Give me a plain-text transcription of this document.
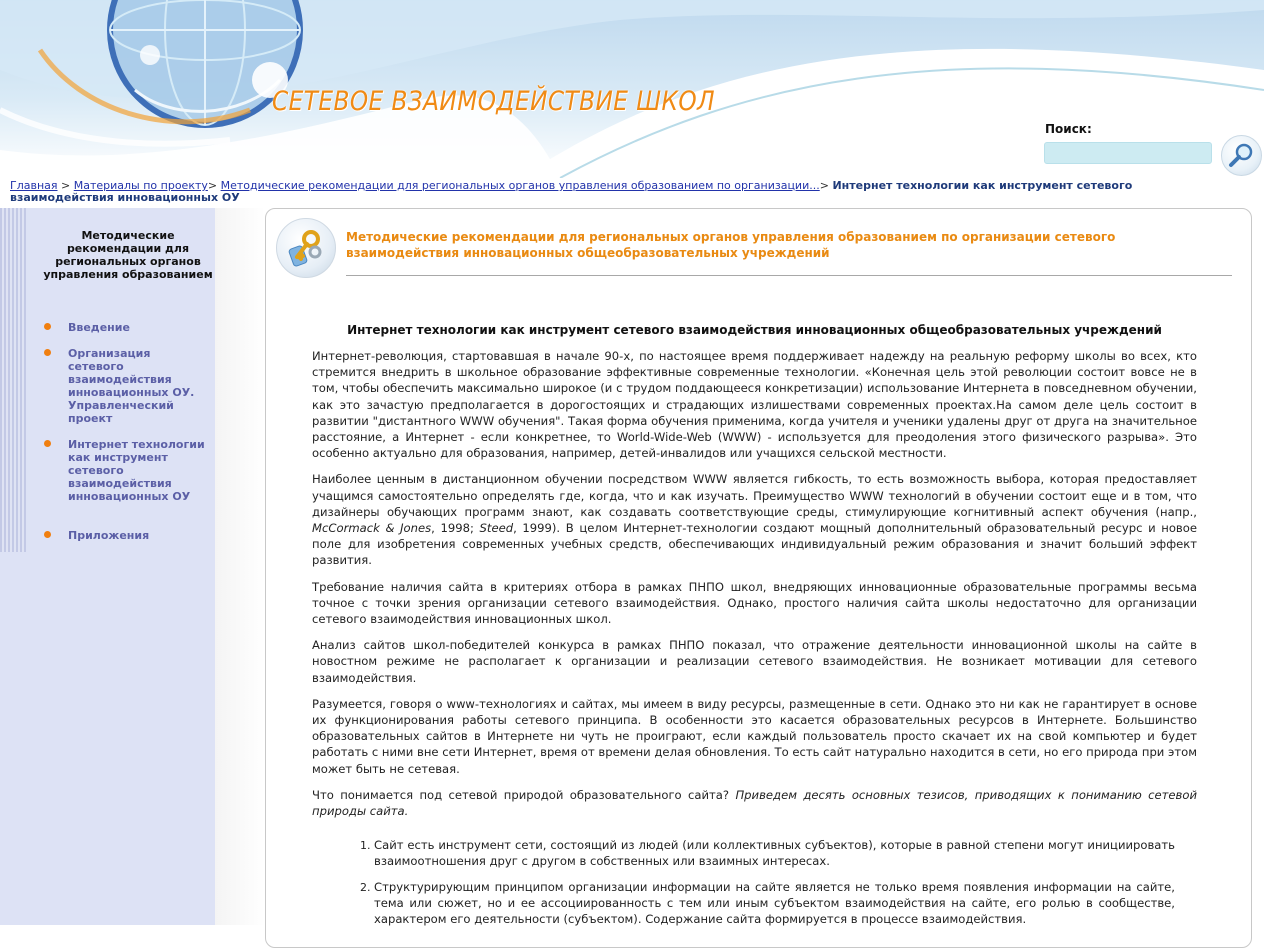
СЕТЕВОЕ ВЗАИМОДЕЙСТВИЕ ШКОЛ
Поиск:
Главная > Материалы по проекту> Методические рекомендации для региональных органов управления образованием по организации...> Интернет технологии как инструмент сетевого взаимодействия инновационных ОУ
Методические рекомендации для региональных органов управления образованием
Введение
Организация сетевого взаимодействия инновационных ОУ. Управленческий проект
Интернет технологии как инструмент сетевого взаимодействия инновационных ОУ
Приложения
Методические рекомендации для региональных органов управления образованием по организации сетевого взаимодействия инновационных общеобразовательных учреждений
Интернет технологии как инструмент сетевого взаимодействия инновационных общеобразовательных учреждений

Интернет-революция, стартовавшая в начале 90-х, по настоящее время поддерживает надежду на реальную реформу школы во всех, кто стремится внедрить в школьное образование эффективные современные технологии. «Конечная цель этой революции состоит вовсе не в том, чтобы обеспечить максимально широкое (и с трудом поддающееся конкретизации) использование Интернета в повседневном обучении, как это зачастую предполагается в дорогостоящих и страдающих излишествами современных проектах.На самом деле цель состоит в развитии "дистантного WWW обучения". Такая форма обучения применима, когда учителя и ученики удалены друг от друга на значительное расстояние, а Интернет - если конкретнее, то World-Wide-Web (WWW) - используется для преодоления этого физического разрыва». Это особенно актуально для образования, например, детей-инвалидов или учащихся сельской местности.

Наиболее ценным в дистанционном обучении посредством WWW является гибкость, то есть возможность выбора, которая предоставляет учащимся самостоятельно определять где, когда, что и как изучать. Преимущество WWW технологий в обучении состоит еще и в том, что дизайнеры обучающих программ знают, как создавать соответствующие среды, стимулирующие когнитивный аспект обучения (напр., McCormack & Jones, 1998; Steed, 1999). В целом Интернет-технологии создают мощный дополнительный образовательный ресурс и новое поле для изобретения современных учебных средств, обеспечивающих индивидуальный режим образования и значит больший эффект развития.

Требование наличия сайта в критериях отбора в рамках ПНПО школ, внедряющих инновационные образовательные программы весьма точное с точки зрения организации сетевого взаимодействия. Однако, простого наличия сайта школы недостаточно для организации сетевого взаимодействия инновационных школ.

Анализ сайтов школ-победителей конкурса в рамках ПНПО показал, что отражение деятельности инновационной школы на сайте в новостном режиме не располагает к организации и реализации сетевого взаимодействия. Не возникает мотивации для сетевого взаимодействия.

Разумеется, говоря о www-технологиях и сайтах, мы имеем в виду ресурсы, размещенные в сети. Однако это ни как не гарантирует в основе их функционирования работы сетевого принципа. В особенности это касается образовательных ресурсов в Интернете. Большинство образовательных сайтов в Интернете ни чуть не проиграют, если каждый пользователь просто скачает их на свой компьютер и будет работать с ними вне сети Интернет, время от времени делая обновления. То есть сайт натурально находится в сети, но его природа при этом может быть не сетевая.

Что понимается под сетевой природой образовательного сайта? Приведем десять основных тезисов, приводящих к пониманию сетевой природы сайта.

1. Сайт есть инструмент сети, состоящий из людей (или коллективных субъектов), которые в равной степени могут инициировать взаимоотношения друг с другом в собственных или взаимных интересах.
2. Структурирующим принципом организации информации на сайте является не только время появления информации на сайте, тема или сюжет, но и ее ассоциированность с тем или иным субъектом взаимодействия на сайте, его ролью в сообществе, характером его деятельности (субъектом). Содержание сайта формируется в процессе взаимодействия.
